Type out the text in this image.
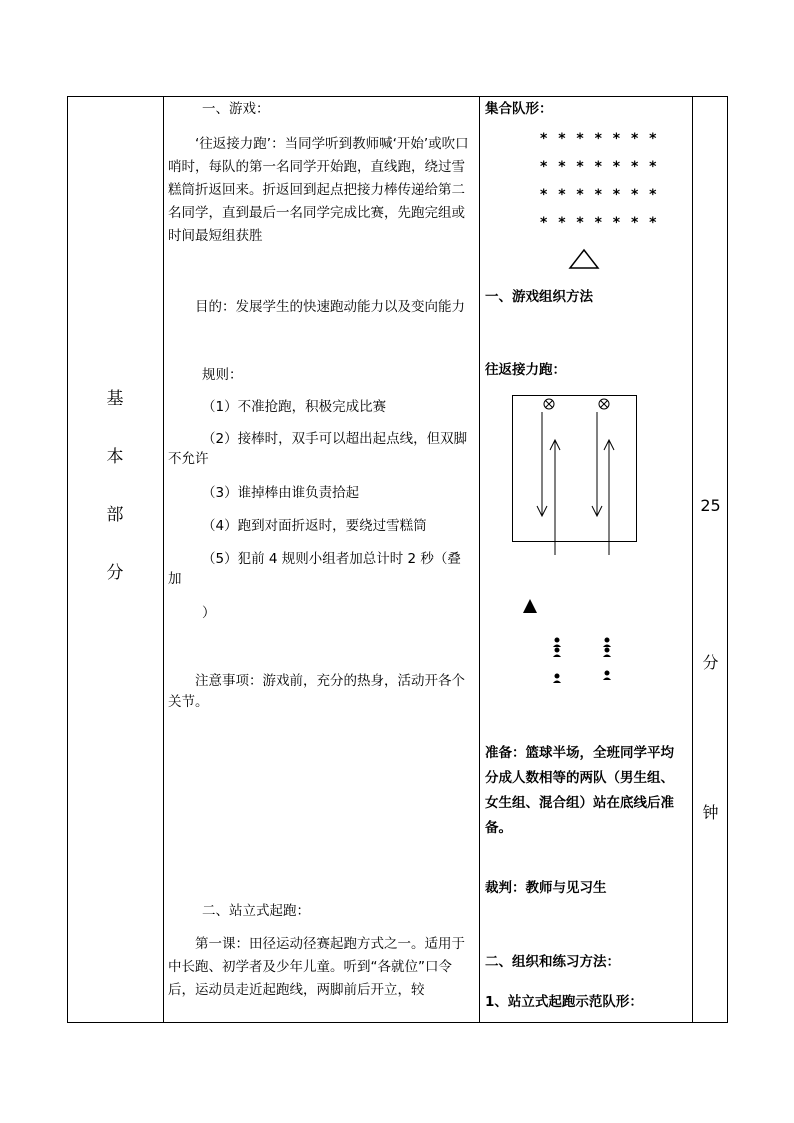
基
本
部
分

一、游戏：

‘往返接力跑’：当同学听到教师喊‘开始’或吹口哨时，每队的第一名同学开始跑，直线跑，绕过雪糕筒折返回来。折返回到起点把接力棒传递给第二名同学，直到最后一名同学完成比赛，先跑完组或时间最短组获胜

目的：发展学生的快速跑动能力以及变向能力

规则：

（1）不准抢跑，积极完成比赛

（2）接棒时，双手可以超出起点线，但双脚不允许

（3）谁掉棒由谁负责拾起

（4）跑到对面折返时，要绕过雪糕筒

（5）犯前 4 规则小组者加总计时 2 秒（叠加

）

注意事项：游戏前，充分的热身，活动开各个关节。

二、站立式起跑：

第一课：田径运动径赛起跑方式之一。适用于中长跑、初学者及少年儿童。听到“各就位”口令后，运动员走近起跑线，两脚前后开立，较

集合队形：

* * * * * * *
* * * * * * *
* * * * * * *
* * * * * * *
一、游戏组织方法
往返接力跑：
准备：篮球半场，全班同学平均分成人数相等的两队（男生组、女生组、混合组）站在底线后准备。
裁判：教师与见习生
二、组织和练习方法：
1、站立式起跑示范队形：
25
分
钟
